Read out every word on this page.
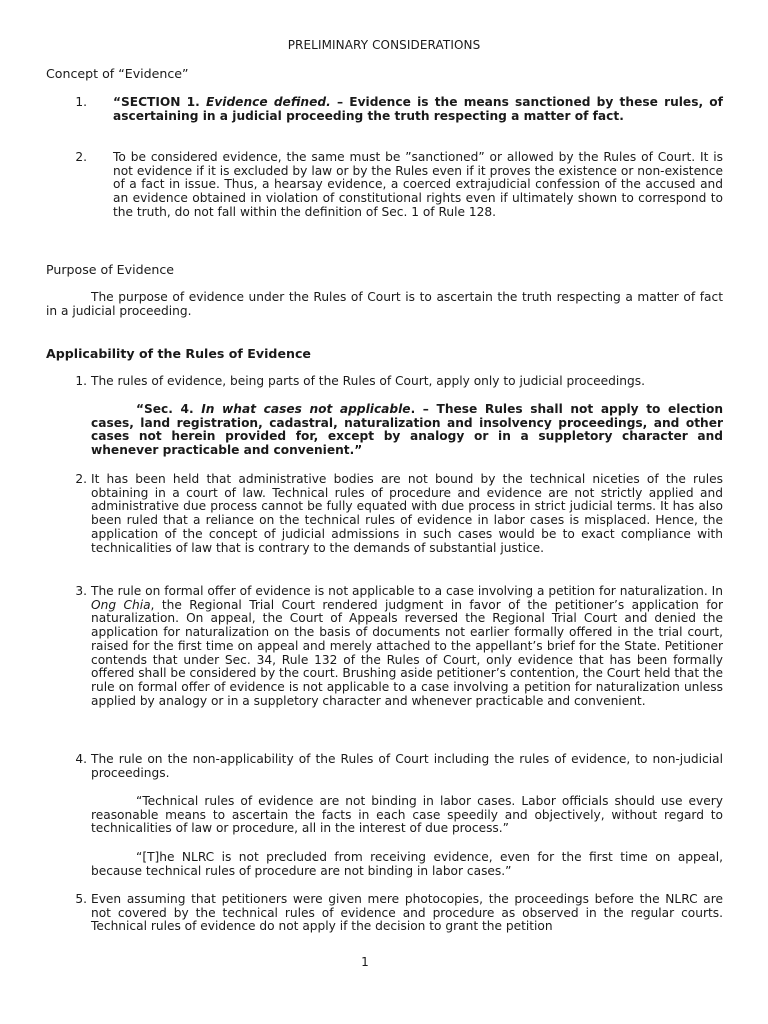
PRELIMINARY CONSIDERATIONS
Concept of “Evidence”
1. “SECTION 1. Evidence defined. – Evidence is the means sanctioned by these rules, of ascertaining in a judicial proceeding the truth respecting a matter of fact.
2. To be considered evidence, the same must be ”sanctioned” or allowed by the Rules of Court. It is not evidence if it is excluded by law or by the Rules even if it proves the existence or non-existence of a fact in issue. Thus, a hearsay evidence, a coerced extrajudicial confession of the accused and an evidence obtained in violation of constitutional rights even if ultimately shown to correspond to the truth, do not fall within the definition of Sec. 1 of Rule 128.
Purpose of Evidence
The purpose of evidence under the Rules of Court is to ascertain the truth respecting a matter of fact in a judicial proceeding.
Applicability of the Rules of Evidence
1. The rules of evidence, being parts of the Rules of Court, apply only to judicial proceedings.
“Sec. 4. In what cases not applicable. – These Rules shall not apply to election cases, land registration, cadastral, naturalization and insolvency proceedings, and other cases not herein provided for, except by analogy or in a suppletory character and whenever practicable and convenient.”
2. It has been held that administrative bodies are not bound by the technical niceties of the rules obtaining in a court of law. Technical rules of procedure and evidence are not strictly applied and administrative due process cannot be fully equated with due process in strict judicial terms. It has also been ruled that a reliance on the technical rules of evidence in labor cases is misplaced. Hence, the application of the concept of judicial admissions in such cases would be to exact compliance with technicalities of law that is contrary to the demands of substantial justice.
3. The rule on formal offer of evidence is not applicable to a case involving a petition for naturalization. In Ong Chia, the Regional Trial Court rendered judgment in favor of the petitioner’s application for naturalization. On appeal, the Court of Appeals reversed the Regional Trial Court and denied the application for naturalization on the basis of documents not earlier formally offered in the trial court, raised for the first time on appeal and merely attached to the appellant’s brief for the State. Petitioner contends that under Sec. 34, Rule 132 of the Rules of Court, only evidence that has been formally offered shall be considered by the court. Brushing aside petitioner’s contention, the Court held that the rule on formal offer of evidence is not applicable to a case involving a petition for naturalization unless applied by analogy or in a suppletory character and whenever practicable and convenient.
4. The rule on the non-applicability of the Rules of Court including the rules of evidence, to non-judicial proceedings.
“Technical rules of evidence are not binding in labor cases. Labor officials should use every reasonable means to ascertain the facts in each case speedily and objectively, without regard to technicalities of law or procedure, all in the interest of due process.”
“[T]he NLRC is not precluded from receiving evidence, even for the first time on appeal, because technical rules of procedure are not binding in labor cases.”
5. Even assuming that petitioners were given mere photocopies, the proceedings before the NLRC are not covered by the technical rules of evidence and procedure as observed in the regular courts. Technical rules of evidence do not apply if the decision to grant the petition
1
